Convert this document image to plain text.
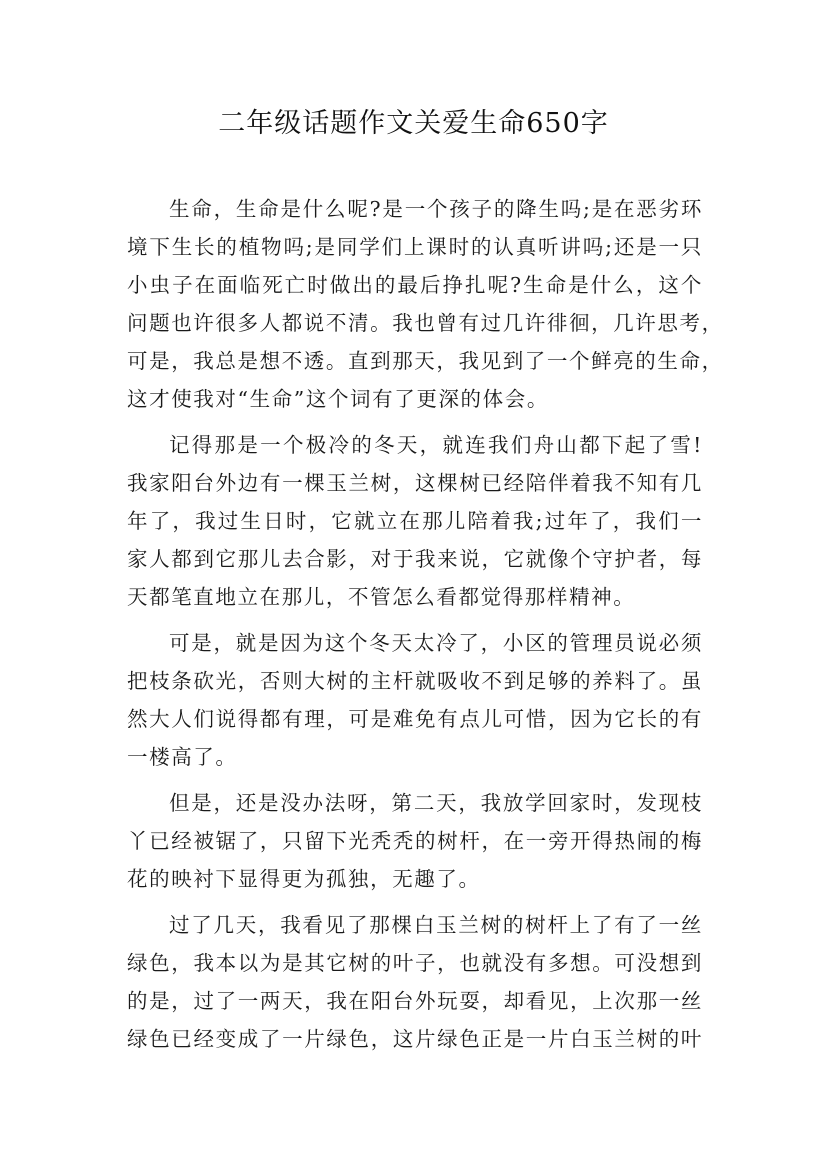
二年级话题作文关爱生命650字

生命，生命是什么呢?是一个孩子的降生吗;是在恶劣环

境下生长的植物吗;是同学们上课时的认真听讲吗;还是一只

小虫子在面临死亡时做出的最后挣扎呢?生命是什么，这个

问题也许很多人都说不清。我也曾有过几许徘徊，几许思考，

可是，我总是想不透。直到那天，我见到了一个鲜亮的生命，

这才使我对“生命”这个词有了更深的体会。

记得那是一个极冷的冬天，就连我们舟山都下起了雪!

我家阳台外边有一棵玉兰树，这棵树已经陪伴着我不知有几

年了，我过生日时，它就立在那儿陪着我;过年了，我们一

家人都到它那儿去合影，对于我来说，它就像个守护者，每

天都笔直地立在那儿，不管怎么看都觉得那样精神。

可是，就是因为这个冬天太冷了，小区的管理员说必须

把枝条砍光，否则大树的主杆就吸收不到足够的养料了。虽

然大人们说得都有理，可是难免有点儿可惜，因为它长的有

一楼高了。

但是，还是没办法呀，第二天，我放学回家时，发现枝

丫已经被锯了，只留下光秃秃的树杆，在一旁开得热闹的梅

花的映衬下显得更为孤独，无趣了。

过了几天，我看见了那棵白玉兰树的树杆上了有了一丝

绿色，我本以为是其它树的叶子，也就没有多想。可没想到

的是，过了一两天，我在阳台外玩耍，却看见，上次那一丝

绿色已经变成了一片绿色，这片绿色正是一片白玉兰树的叶
